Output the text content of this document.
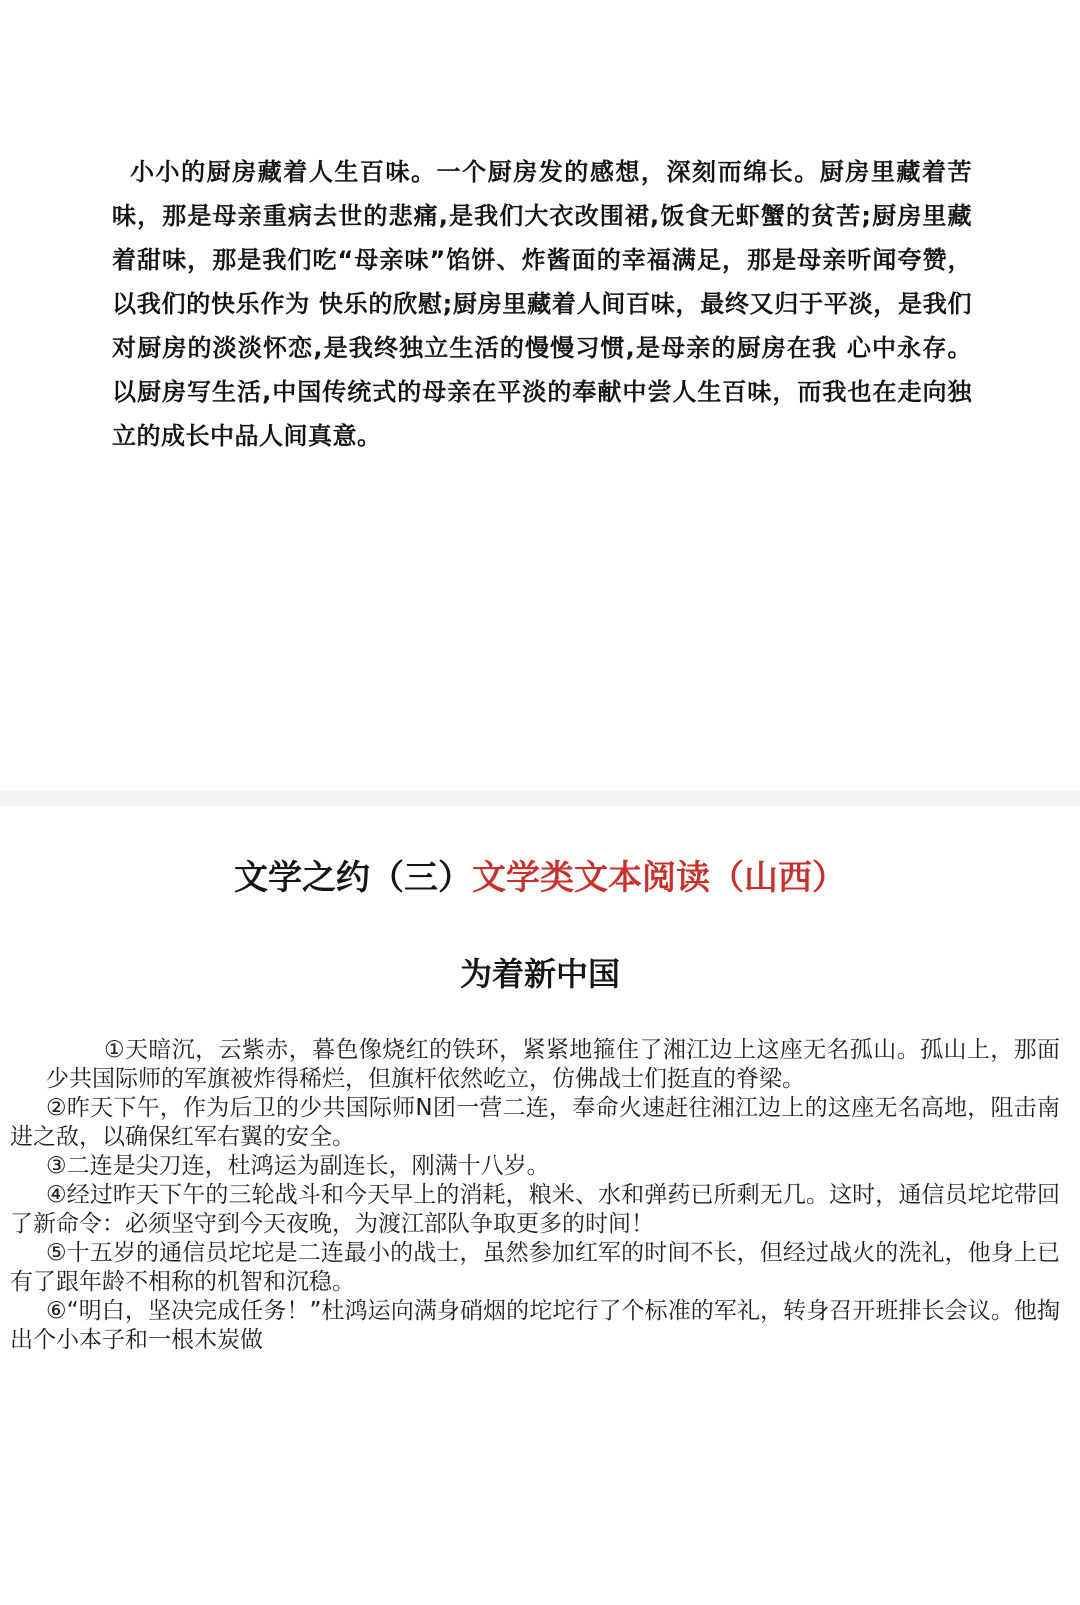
小小的厨房藏着人生百味。一个厨房发的感想，深刻而绵长。厨房里藏着苦味，那是母亲重病去世的悲痛,是我们大衣改围裙,饭食无虾蟹的贫苦;厨房里藏着甜味，那是我们吃“母亲味”馅饼、炸酱面的幸福满足，那是母亲听闻夸赞，以我们的快乐作为 快乐的欣慰;厨房里藏着人间百味，最终又归于平淡，是我们对厨房的淡淡怀恋,是我终独立生活的慢慢习惯,是母亲的厨房在我 心中永存。以厨房写生活,中国传统式的母亲在平淡的奉献中尝人生百味，而我也在走向独立的成长中品人间真意。

文学之约（三）文学类文本阅读（山西）
为着新中国

①天暗沉，云紫赤，暮色像烧红的铁环，紧紧地箍住了湘江边上这座无名孤山。孤山上，那面少共国际师的军旗被炸得稀烂，但旗杆依然屹立，仿佛战士们挺直的脊梁。

②昨天下午，作为后卫的少共国际师N团一营二连，奉命火速赶往湘江边上的这座无名高地，阻击南进之敌，以确保红军右翼的安全。

③二连是尖刀连，杜鸿运为副连长，刚满十八岁。

④经过昨天下午的三轮战斗和今天早上的消耗，粮米、水和弹药已所剩无几。这时，通信员坨坨带回了新命令：必须坚守到今天夜晚，为渡江部队争取更多的时间！

⑤十五岁的通信员坨坨是二连最小的战士，虽然参加红军的时间不长，但经过战火的洗礼，他身上已有了跟年龄不相称的机智和沉稳。

⑥“明白，坚决完成任务！”杜鸿运向满身硝烟的坨坨行了个标准的军礼，转身召开班排长会议。他掏出个小本子和一根木炭做
